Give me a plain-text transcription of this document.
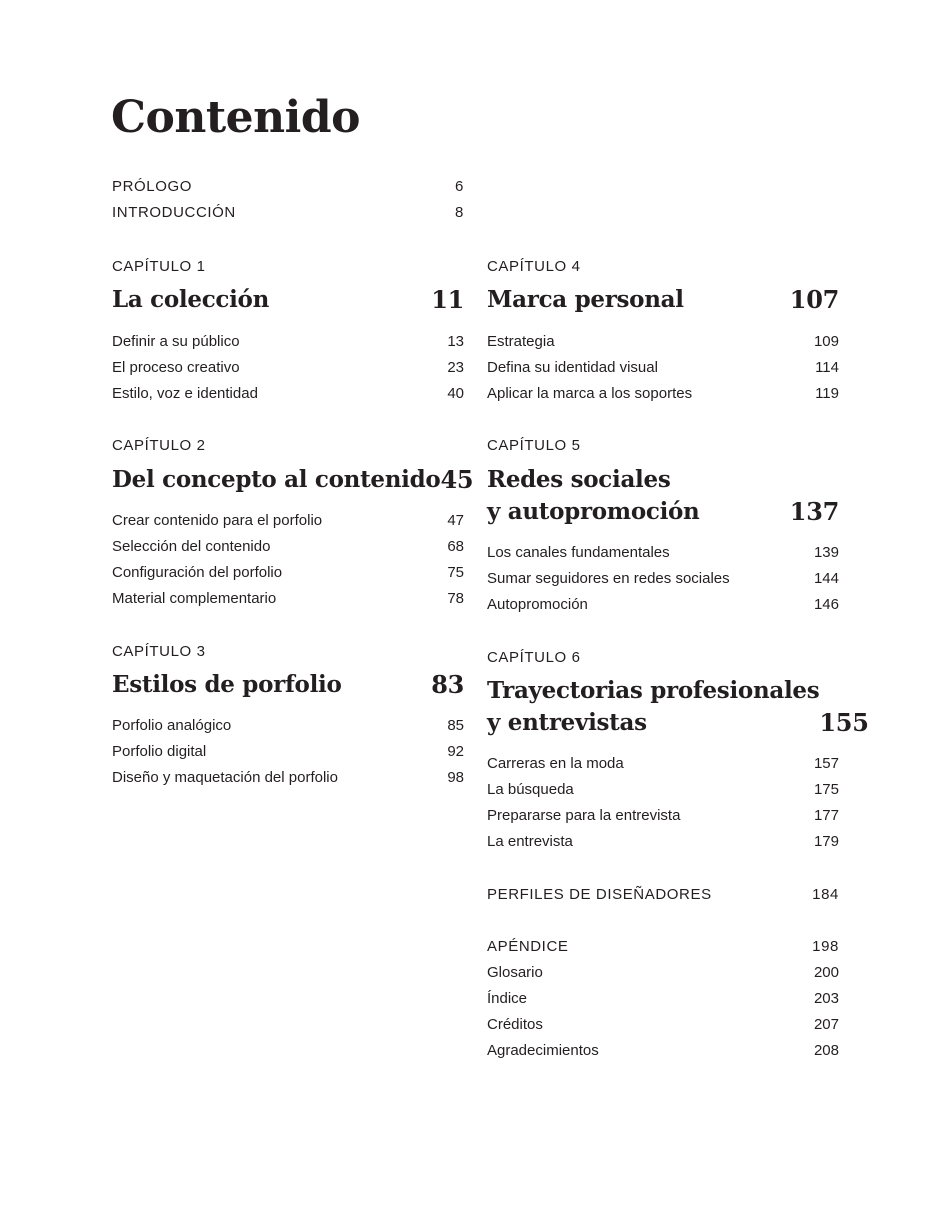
Contenido
PRÓLOGO	6
INTRODUCCIÓN	8
CAPÍTULO 1
La colección	11
Definir a su público	13
El proceso creativo	23
Estilo, voz e identidad	40
CAPÍTULO 2
Del concepto al contenido 45
Crear contenido para el porfolio	47
Selección del contenido	68
Configuración del porfolio	75
Material complementario	78
CAPÍTULO 3
Estilos de porfolio	83
Porfolio analógico	85
Porfolio digital	92
Diseño y maquetación del porfolio	98
CAPÍTULO 4
Marca personal	107
Estrategia	109
Defina su identidad visual	114
Aplicar la marca a los soportes	119
CAPÍTULO 5
Redes sociales
y autopromoción	137
Los canales fundamentales	139
Sumar seguidores en redes sociales	144
Autopromoción	146
CAPÍTULO 6
Trayectorias profesionales
y entrevistas	155
Carreras en la moda	157
La búsqueda	175
Prepararse para la entrevista	177
La entrevista	179
PERFILES DE DISEÑADORES	184
APÉNDICE	198
Glosario	200
Índice	203
Créditos	207
Agradecimientos	208
